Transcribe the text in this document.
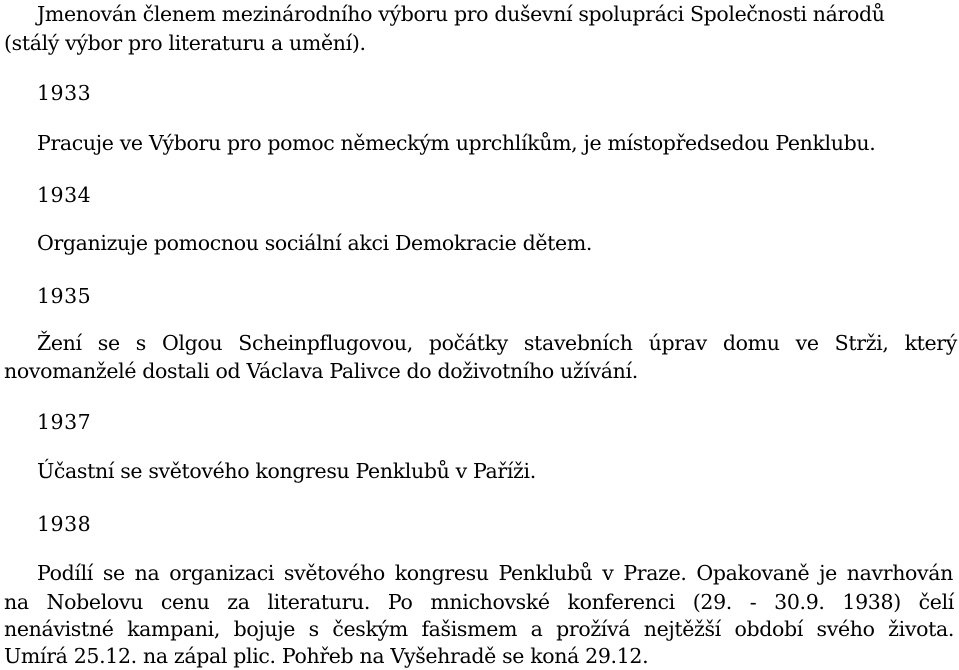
Jmenován členem mezinárodního výboru pro duševní spolupráci Společnosti národů
(stálý výbor pro literaturu a umění).
1933
Pracuje ve Výboru pro pomoc německým uprchlíkům, je místopředsedou Penklubu.
1934
Organizuje pomocnou sociální akci Demokracie dětem.
1935
Žení se s Olgou Scheinpflugovou, počátky stavebních úprav domu ve Strži, který
novomanželé dostali od Václava Palivce do doživotního užívání.
1937
Účastní se světového kongresu Penklubů v Paříži.
1938
Podílí se na organizaci světového kongresu Penklubů v Praze. Opakovaně je navrhován
na Nobelovu cenu za literaturu. Po mnichovské konferenci (29. - 30.9. 1938) čelí
nenávistné kampani, bojuje s českým fašismem a prožívá nejtěžší období svého života.
Umírá 25.12. na zápal plic. Pohřeb na Vyšehradě se koná 29.12.
